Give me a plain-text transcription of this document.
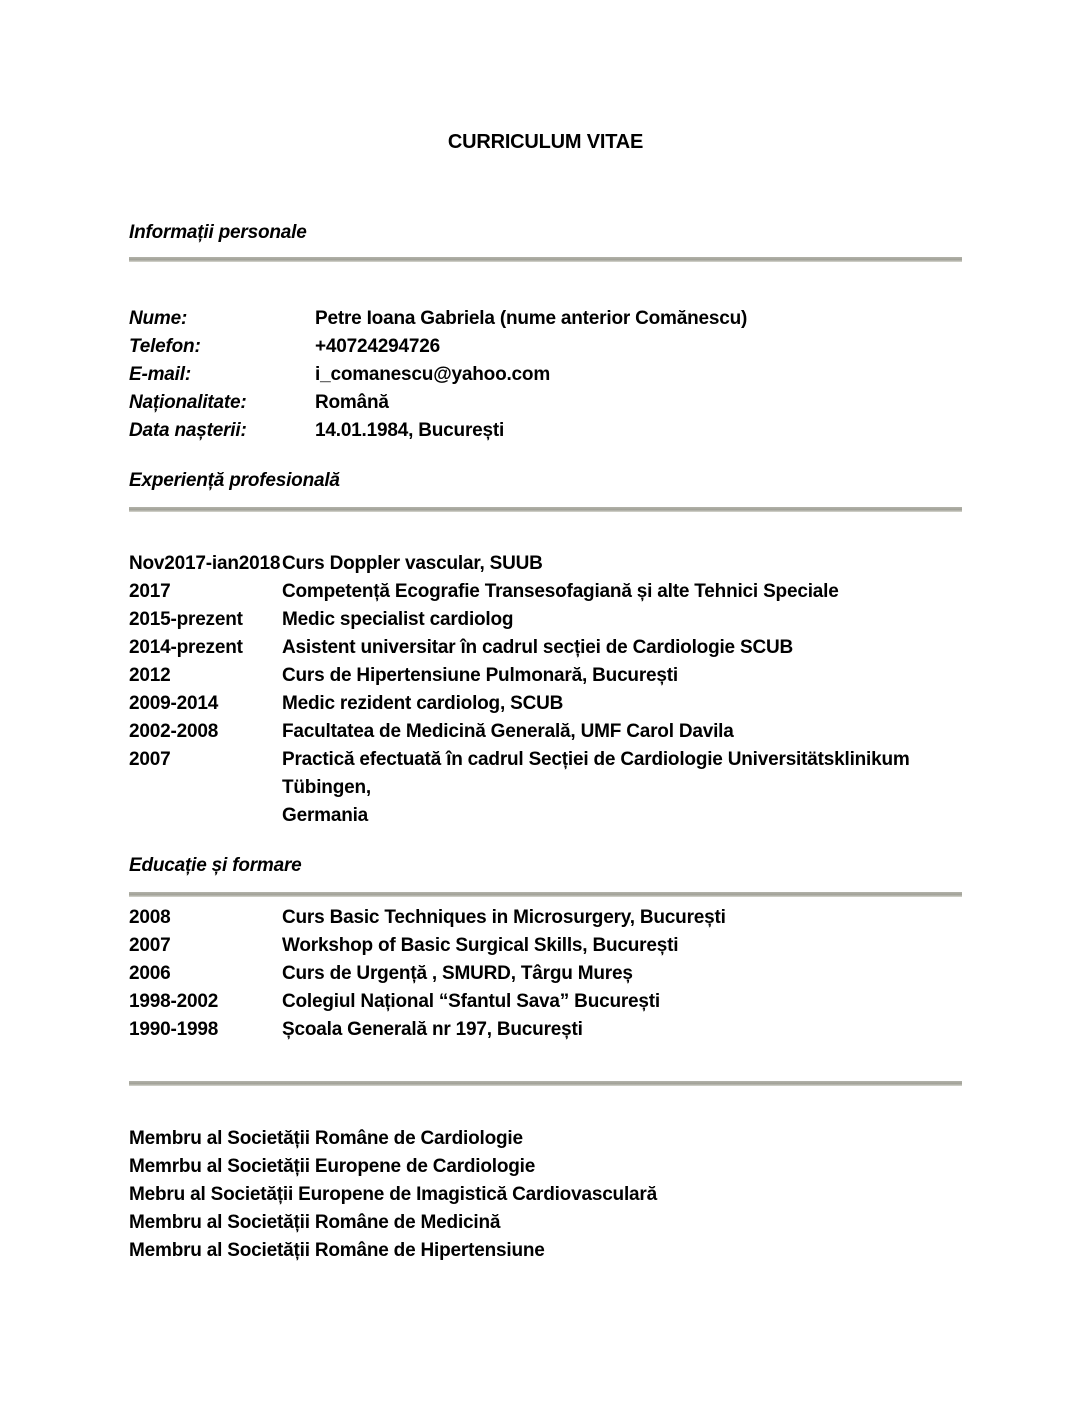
CURRICULUM VITAE
Informații personale
Nume:	Petre Ioana Gabriela (nume anterior Comănescu)
Telefon:	+40724294726
E-mail:	i_comanescu@yahoo.com
Naționalitate:	Română
Data nașterii:	14.01.1984, București
Experiență profesională
Nov2017-ian2018 Curs Doppler vascular, SUUB
2017	Competență Ecografie Transesofagiană și alte Tehnici Speciale
2015-prezent	Medic specialist cardiolog
2014-prezent	Asistent universitar în cadrul secției de Cardiologie SCUB
2012	Curs de Hipertensiune Pulmonară, București
2009-2014	Medic rezident cardiolog, SCUB
2002-2008	Facultatea de Medicină Generală, UMF Carol Davila
2007	Practică efectuată în cadrul Secției de Cardiologie Universitätsklinikum Tübingen,
Germania
Educație și formare
2008	Curs Basic Techniques in Microsurgery, București
2007	Workshop of Basic Surgical Skills, București
2006	Curs de Urgență , SMURD, Târgu Mureș
1998-2002	Colegiul Național “Sfantul Sava” București
1990-1998	Școala Generală nr 197, București
Membru al Societății Române de Cardiologie
Memrbu al Societății Europene de Cardiologie
Mebru al Societății Europene de Imagistică Cardiovasculară
Membru al Societății Române de Medicină
Membru al Societății Române de Hipertensiune
